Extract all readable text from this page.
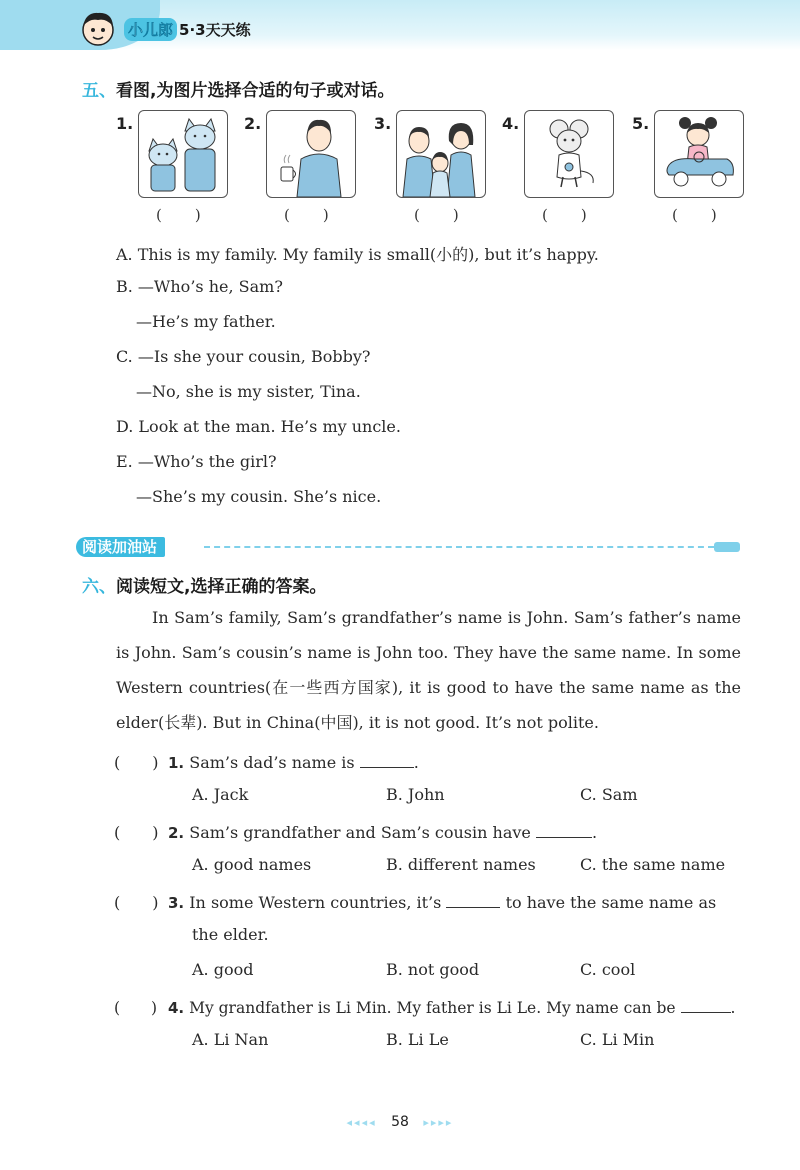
小儿郎 5·3天天练
五、看图,为图片选择合适的句子或对话。
1.
(　　)
2.
(　　)
3.
(　　)
4.
(　　)
5.
(　　)
A. This is my family. My family is small(小的), but it’s happy.
B. —Who’s he, Sam?
—He’s my father.
C. —Is she your cousin, Bobby?
—No, she is my sister, Tina.
D. Look at the man. He’s my uncle.
E. —Who’s the girl?
—She’s my cousin. She’s nice.
阅读加油站
六、阅读短文,选择正确的答案。
In Sam’s family, Sam’s grandfather’s name is John. Sam’s father’s name is John. Sam’s cousin’s name is John too. They have the same name. In some Western countries(在一些西方国家), it is good to have the same name as the elder(长辈). But in China(中国), it is not good. It’s not polite.
(　　) 1. Sam’s dad’s name is	.
A. Jack	B. John	C. Sam
(　　) 2. Sam’s grandfather and Sam’s cousin have	.
A. good names	B. different names	C. the same name
(　　) 3. In some Western countries, it’s	to have the same name as
the elder.
A. good	B. not good	C. cool
(　　) 4. My grandfather is Li Min. My father is Li Le. My name can be	.
A. Li Nan	B. Li Le	C. Li Min
◂◂◂◂ 58 ▸▸▸▸
